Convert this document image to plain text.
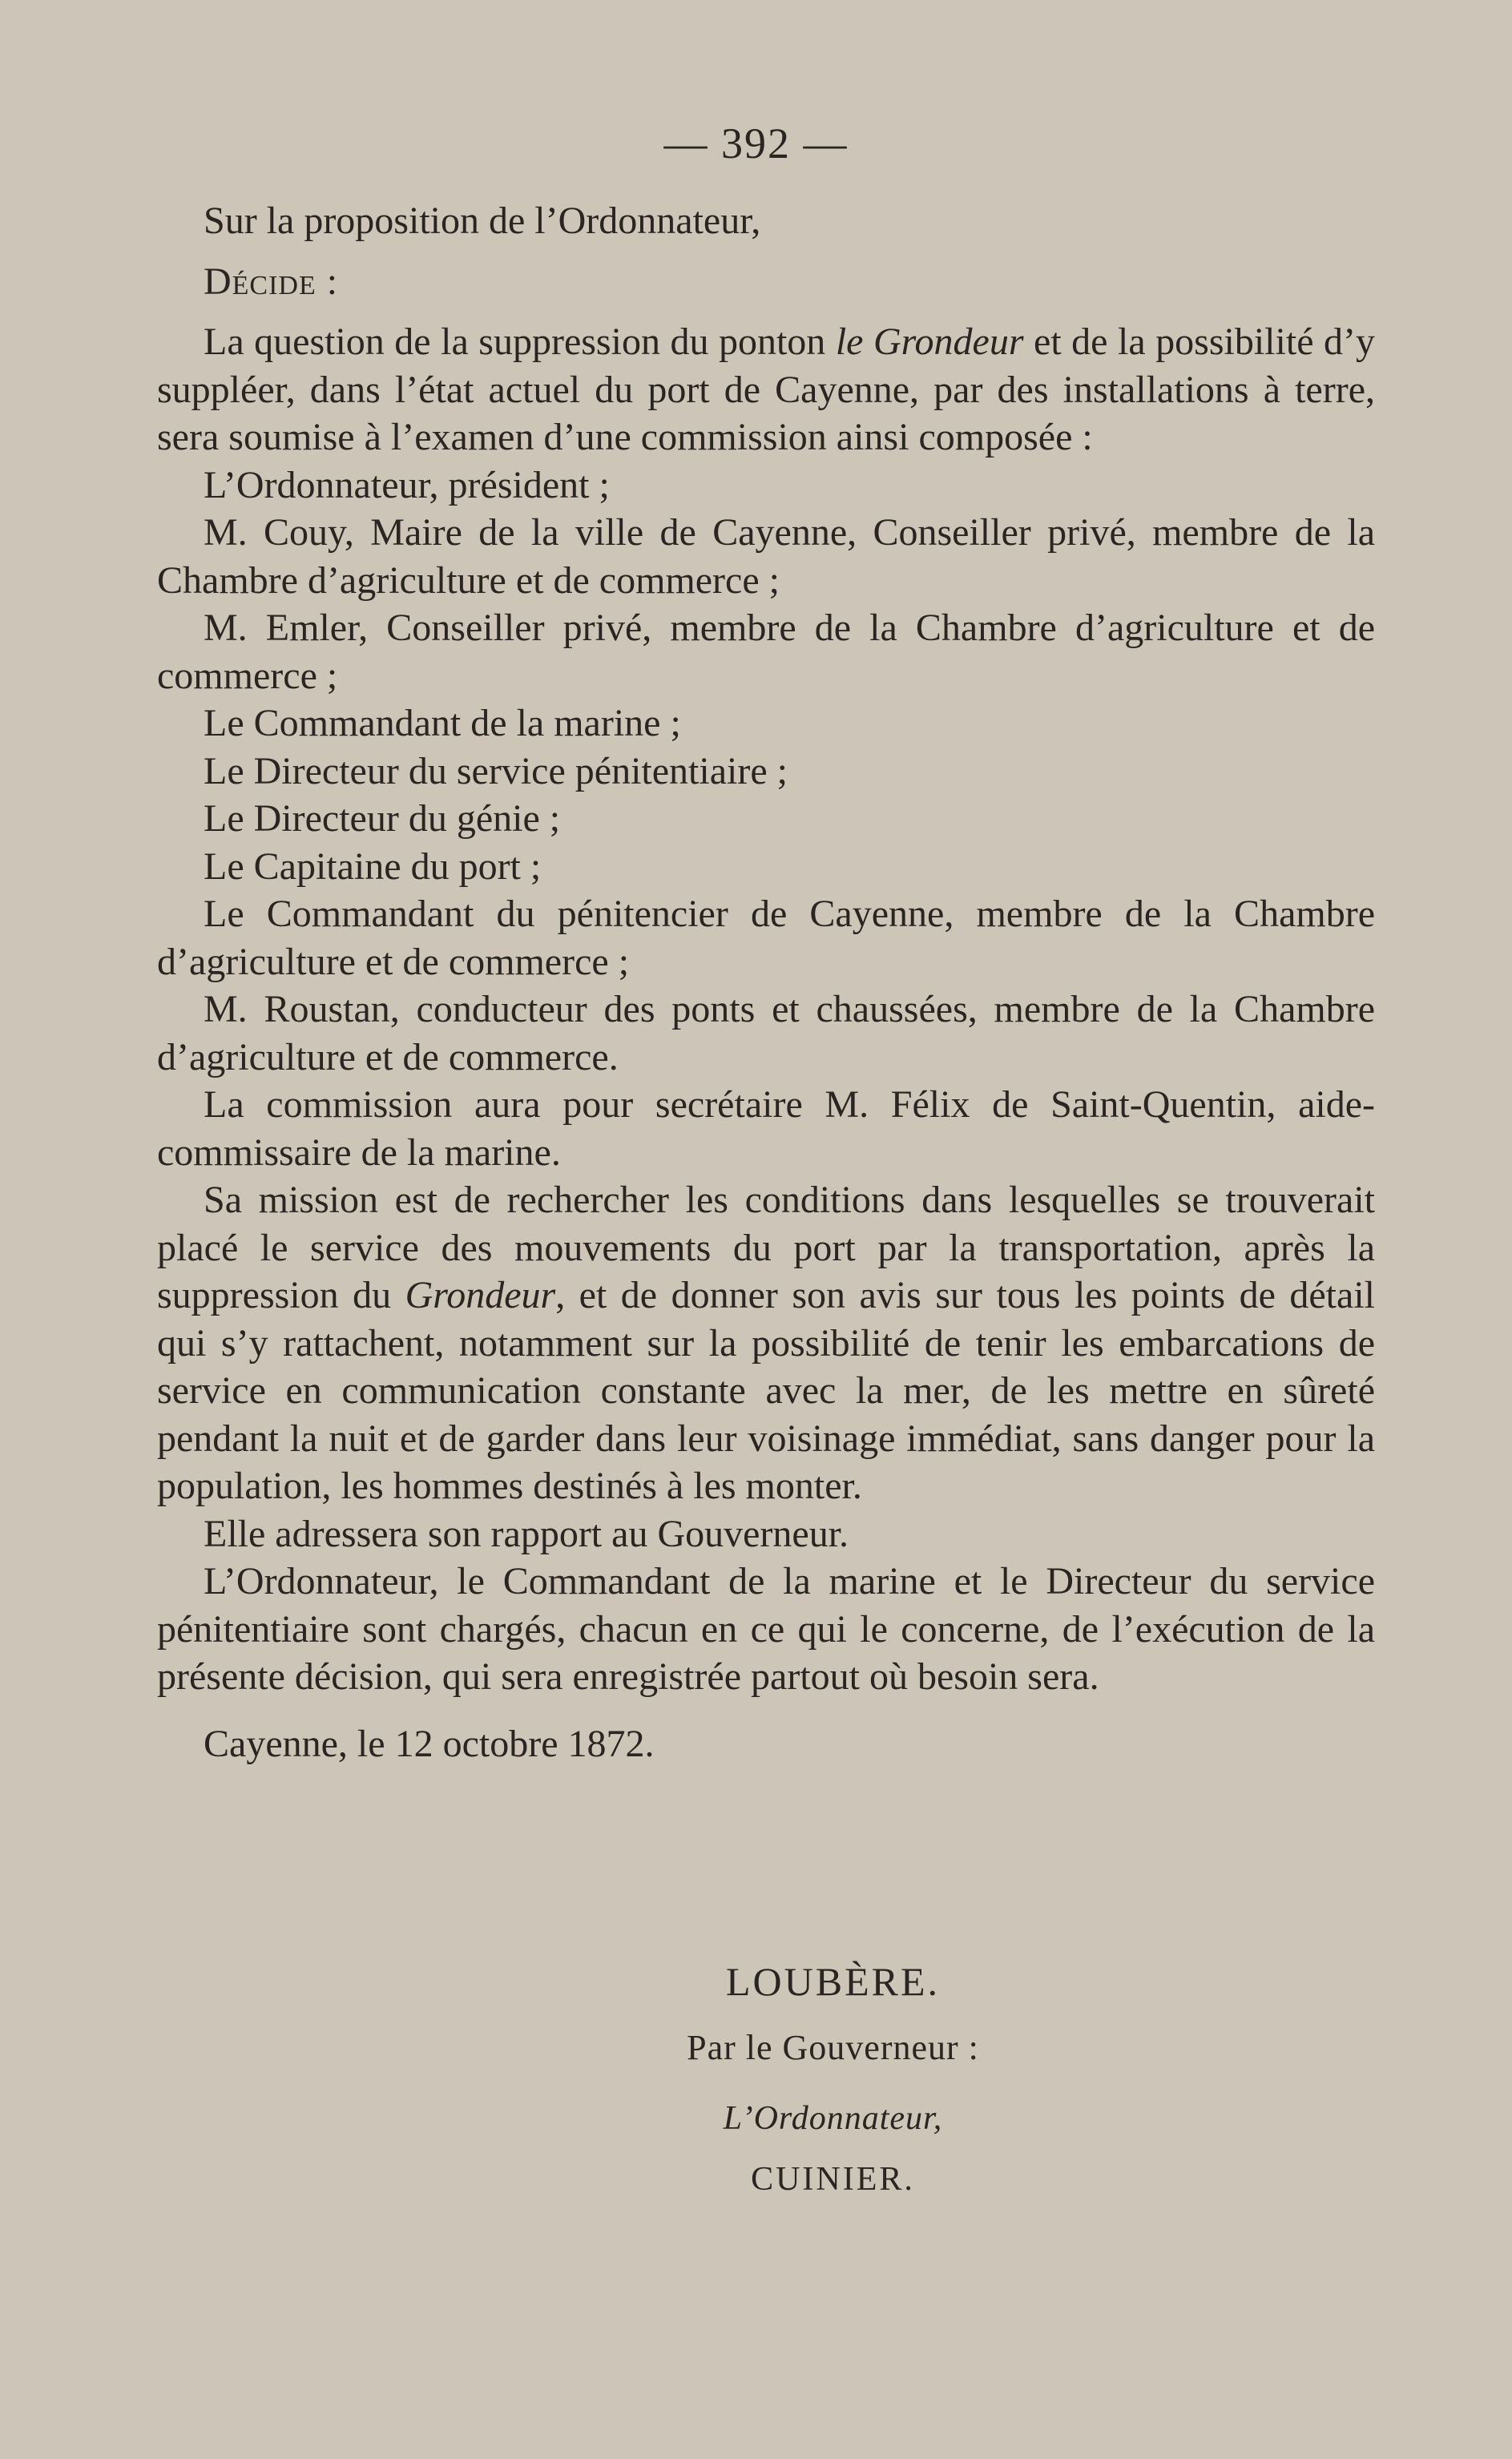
— 392 —

Sur la proposition de l’Ordonnateur,

Décide :

La question de la suppression du ponton le Grondeur et de la possibilité d’y suppléer, dans l’état actuel du port de Cayenne, par des installations à terre, sera soumise à l’examen d’une commission ainsi composée :

L’Ordonnateur, président ;

M. Couy, Maire de la ville de Cayenne, Conseiller privé, membre de la Chambre d’agriculture et de commerce ;

M. Emler, Conseiller privé, membre de la Chambre d’agriculture et de commerce ;

Le Commandant de la marine ;

Le Directeur du service pénitentiaire ;

Le Directeur du génie ;

Le Capitaine du port ;

Le Commandant du pénitencier de Cayenne, membre de la Chambre d’agriculture et de commerce ;

M. Roustan, conducteur des ponts et chaussées, membre de la Chambre d’agriculture et de commerce.

La commission aura pour secrétaire M. Félix de Saint-Quentin, aide-commissaire de la marine.

Sa mission est de rechercher les conditions dans lesquelles se trouverait placé le service des mouvements du port par la transportation, après la suppression du Grondeur, et de donner son avis sur tous les points de détail qui s’y rattachent, notamment sur la possibilité de tenir les embarcations de service en communication constante avec la mer, de les mettre en sûreté pendant la nuit et de garder dans leur voisinage immédiat, sans danger pour la population, les hommes destinés à les monter.

Elle adressera son rapport au Gouverneur.

L’Ordonnateur, le Commandant de la marine et le Directeur du service pénitentiaire sont chargés, chacun en ce qui le concerne, de l’exécution de la présente décision, qui sera enregistrée partout où besoin sera.

Cayenne, le 12 octobre 1872.

LOUBÈRE.
Par le Gouverneur :
L’Ordonnateur,
CUINIER.
